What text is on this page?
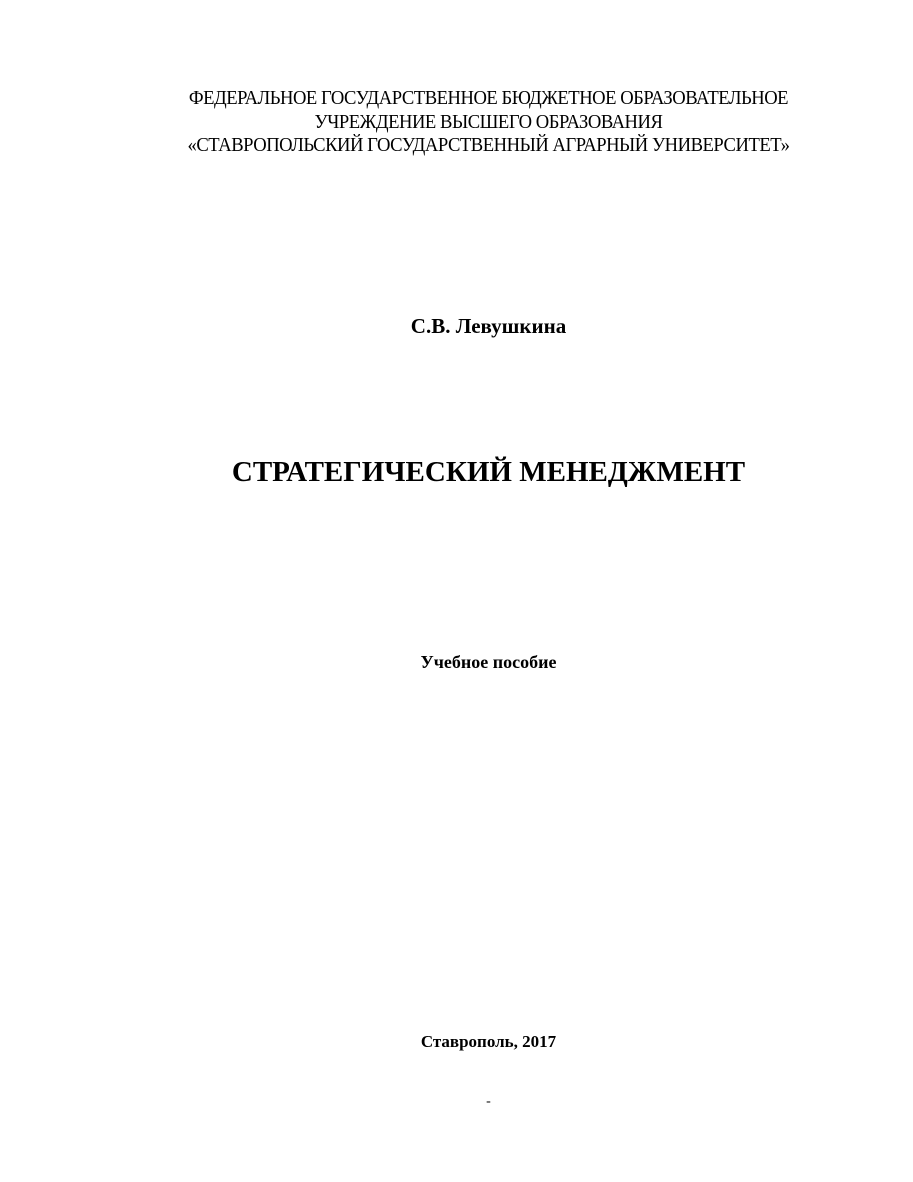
ФЕДЕРАЛЬНОЕ ГОСУДАРСТВЕННОЕ БЮДЖЕТНОЕ ОБРАЗОВАТЕЛЬНОЕ
УЧРЕЖДЕНИЕ ВЫСШЕГО ОБРАЗОВАНИЯ
«СТАВРОПОЛЬСКИЙ ГОСУДАРСТВЕННЫЙ АГРАРНЫЙ УНИВЕРСИТЕТ»
С.В. Левушкина
СТРАТЕГИЧЕСКИЙ МЕНЕДЖМЕНТ
Учебное пособие
Ставрополь, 2017
-
